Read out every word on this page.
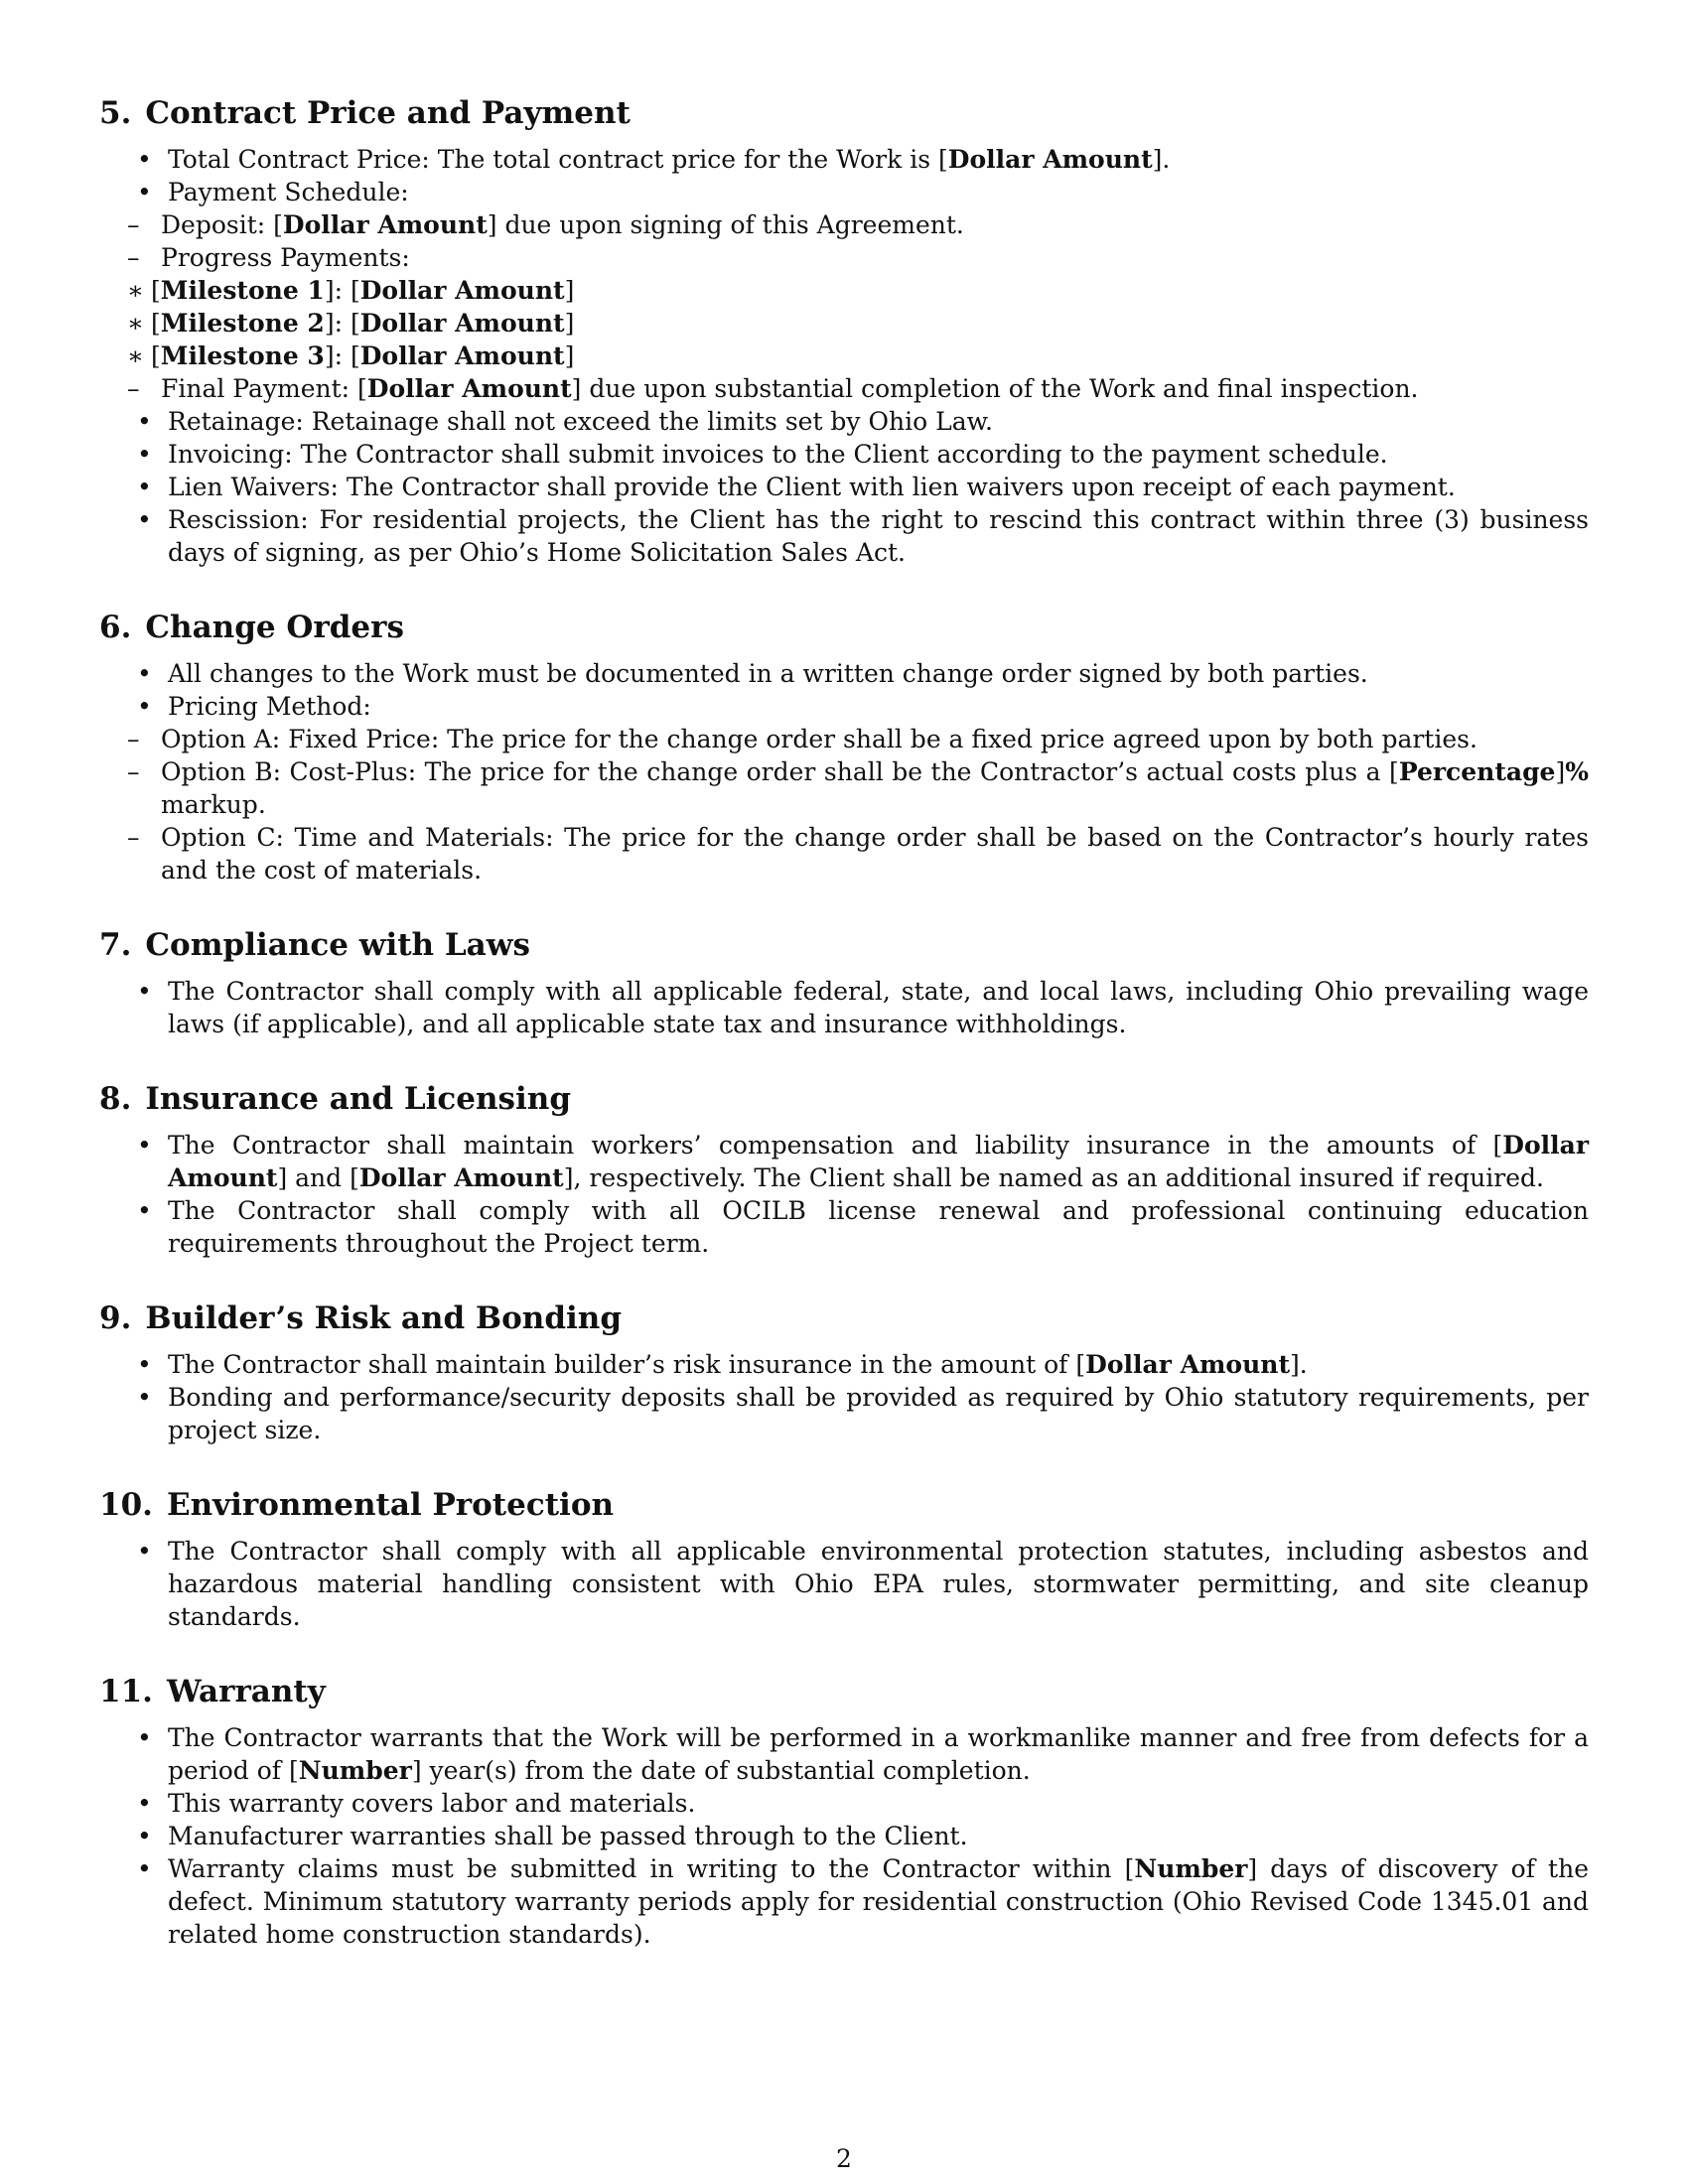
5. Contract Price and Payment
• Total Contract Price: The total contract price for the Work is [Dollar Amount].
• Payment Schedule:
– Deposit: [Dollar Amount] due upon signing of this Agreement.
– Progress Payments:
∗ [Milestone 1]: [Dollar Amount]
∗ [Milestone 2]: [Dollar Amount]
∗ [Milestone 3]: [Dollar Amount]
– Final Payment: [Dollar Amount] due upon substantial completion of the Work and final inspection.
• Retainage: Retainage shall not exceed the limits set by Ohio Law.
• Invoicing: The Contractor shall submit invoices to the Client according to the payment schedule.
• Lien Waivers: The Contractor shall provide the Client with lien waivers upon receipt of each payment.
• Rescission: For residential projects, the Client has the right to rescind this contract within three (3) business days of signing, as per Ohio’s Home Solicitation Sales Act.
6. Change Orders
• All changes to the Work must be documented in a written change order signed by both parties.
• Pricing Method:
– Option A: Fixed Price: The price for the change order shall be a fixed price agreed upon by both parties.
– Option B: Cost-Plus: The price for the change order shall be the Contractor’s actual costs plus a [Percentage]% markup.
– Option C: Time and Materials: The price for the change order shall be based on the Contractor’s hourly rates and the cost of materials.
7. Compliance with Laws
• The Contractor shall comply with all applicable federal, state, and local laws, including Ohio prevailing wage laws (if applicable), and all applicable state tax and insurance withholdings.
8. Insurance and Licensing
• The Contractor shall maintain workers’ compensation and liability insurance in the amounts of [Dollar Amount] and [Dollar Amount], respectively. The Client shall be named as an additional insured if required.
• The Contractor shall comply with all OCILB license renewal and professional continuing education requirements throughout the Project term.
9. Builder’s Risk and Bonding
• The Contractor shall maintain builder’s risk insurance in the amount of [Dollar Amount].
• Bonding and performance/security deposits shall be provided as required by Ohio statutory requirements, per project size.
10. Environmental Protection
• The Contractor shall comply with all applicable environmental protection statutes, including asbestos and hazardous material handling consistent with Ohio EPA rules, stormwater permitting, and site cleanup standards.
11. Warranty
• The Contractor warrants that the Work will be performed in a workmanlike manner and free from defects for a period of [Number] year(s) from the date of substantial completion.
• This warranty covers labor and materials.
• Manufacturer warranties shall be passed through to the Client.
• Warranty claims must be submitted in writing to the Contractor within [Number] days of discovery of the defect. Minimum statutory warranty periods apply for residential construction (Ohio Revised Code 1345.01 and related home construction standards).
2
